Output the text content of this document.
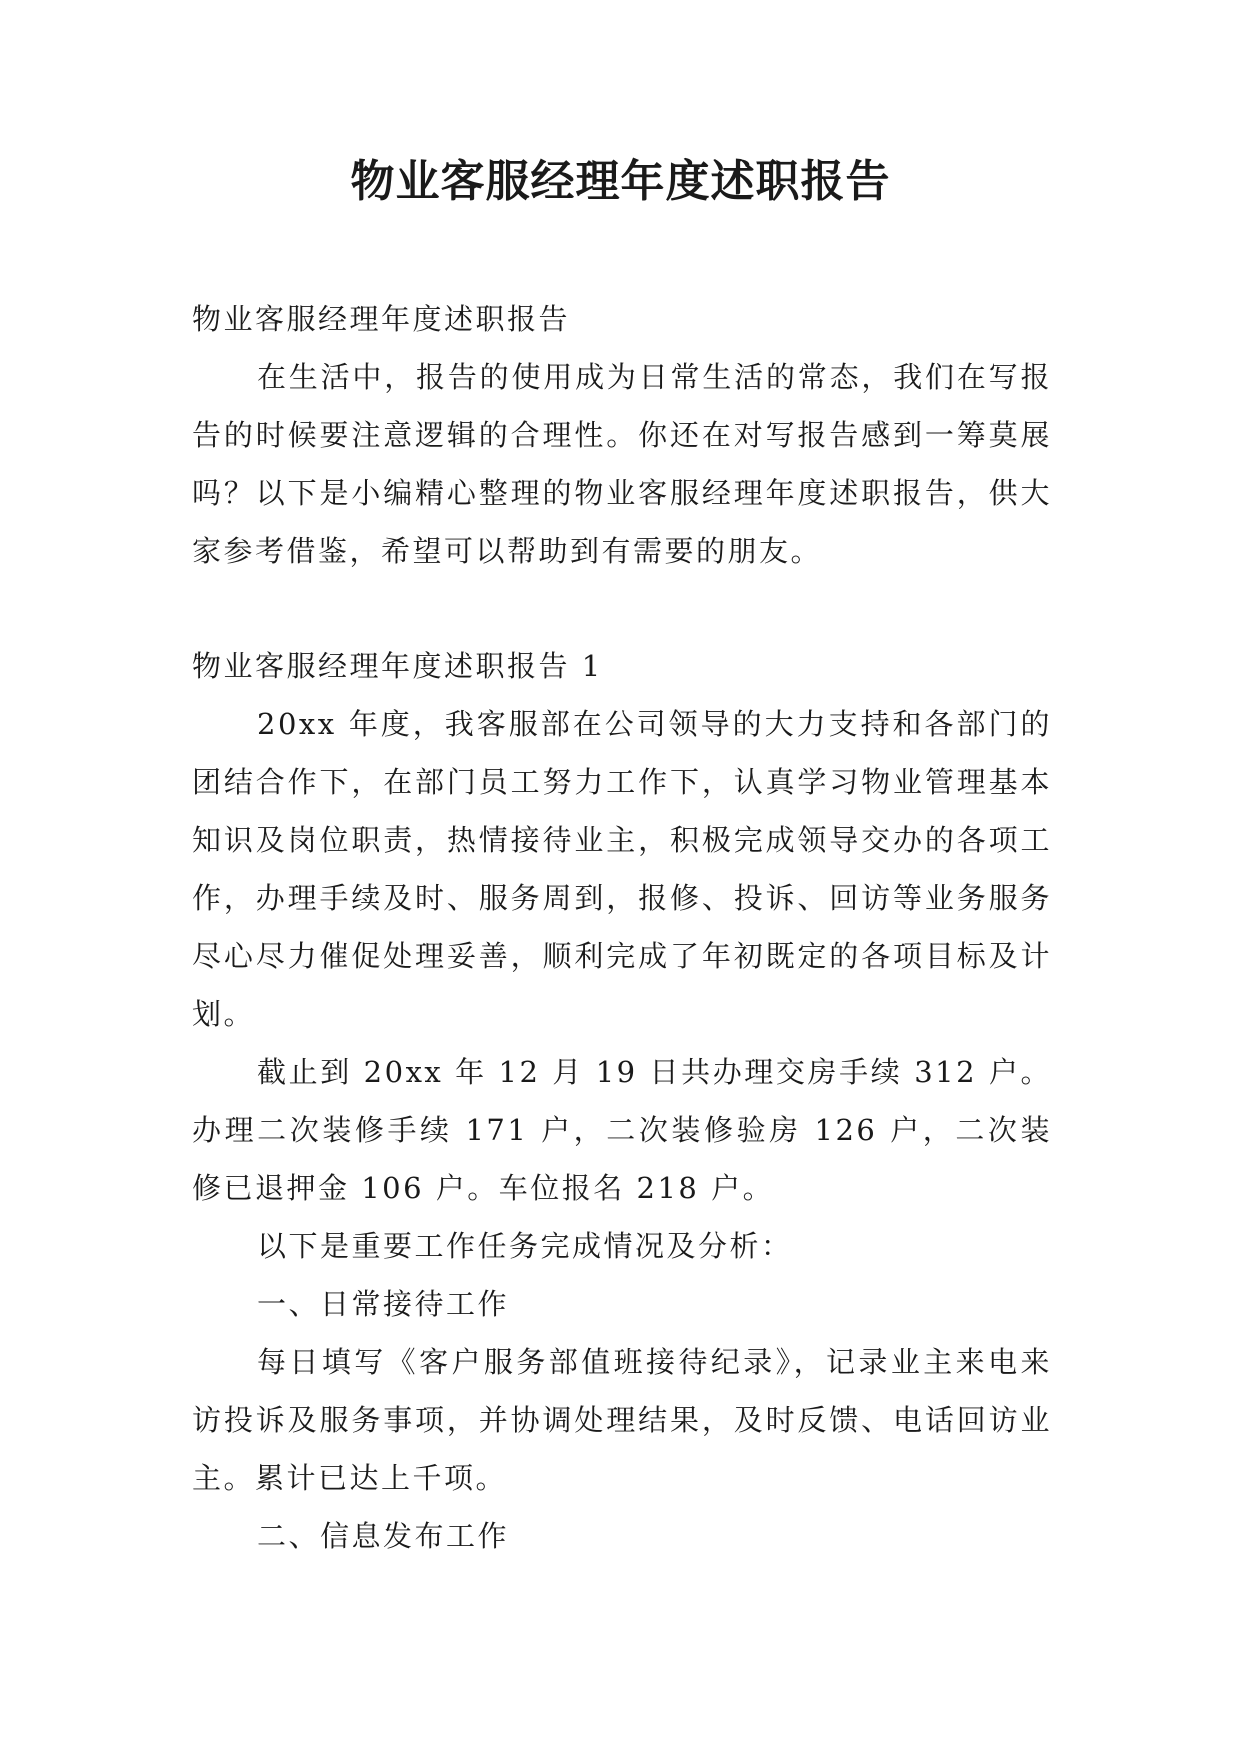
物业客服经理年度述职报告

物业客服经理年度述职报告

在生活中，报告的使用成为日常生活的常态，我们在写报告的时候要注意逻辑的合理性。你还在对写报告感到一筹莫展吗？以下是小编精心整理的物业客服经理年度述职报告，供大家参考借鉴，希望可以帮助到有需要的朋友。

物业客服经理年度述职报告 1

20xx 年度，我客服部在公司领导的大力支持和各部门的团结合作下，在部门员工努力工作下，认真学习物业管理基本知识及岗位职责，热情接待业主，积极完成领导交办的各项工作，办理手续及时、服务周到，报修、投诉、回访等业务服务尽心尽力催促处理妥善，顺利完成了年初既定的各项目标及计划。

截止到 20xx 年 12 月 19 日共办理交房手续 312 户。办理二次装修手续 171 户，二次装修验房 126 户，二次装修已退押金 106 户。车位报名 218 户。

以下是重要工作任务完成情况及分析：

一、日常接待工作

每日填写《客户服务部值班接待纪录》，记录业主来电来访投诉及服务事项，并协调处理结果，及时反馈、电话回访业主。累计已达上千项。

二、信息发布工作
